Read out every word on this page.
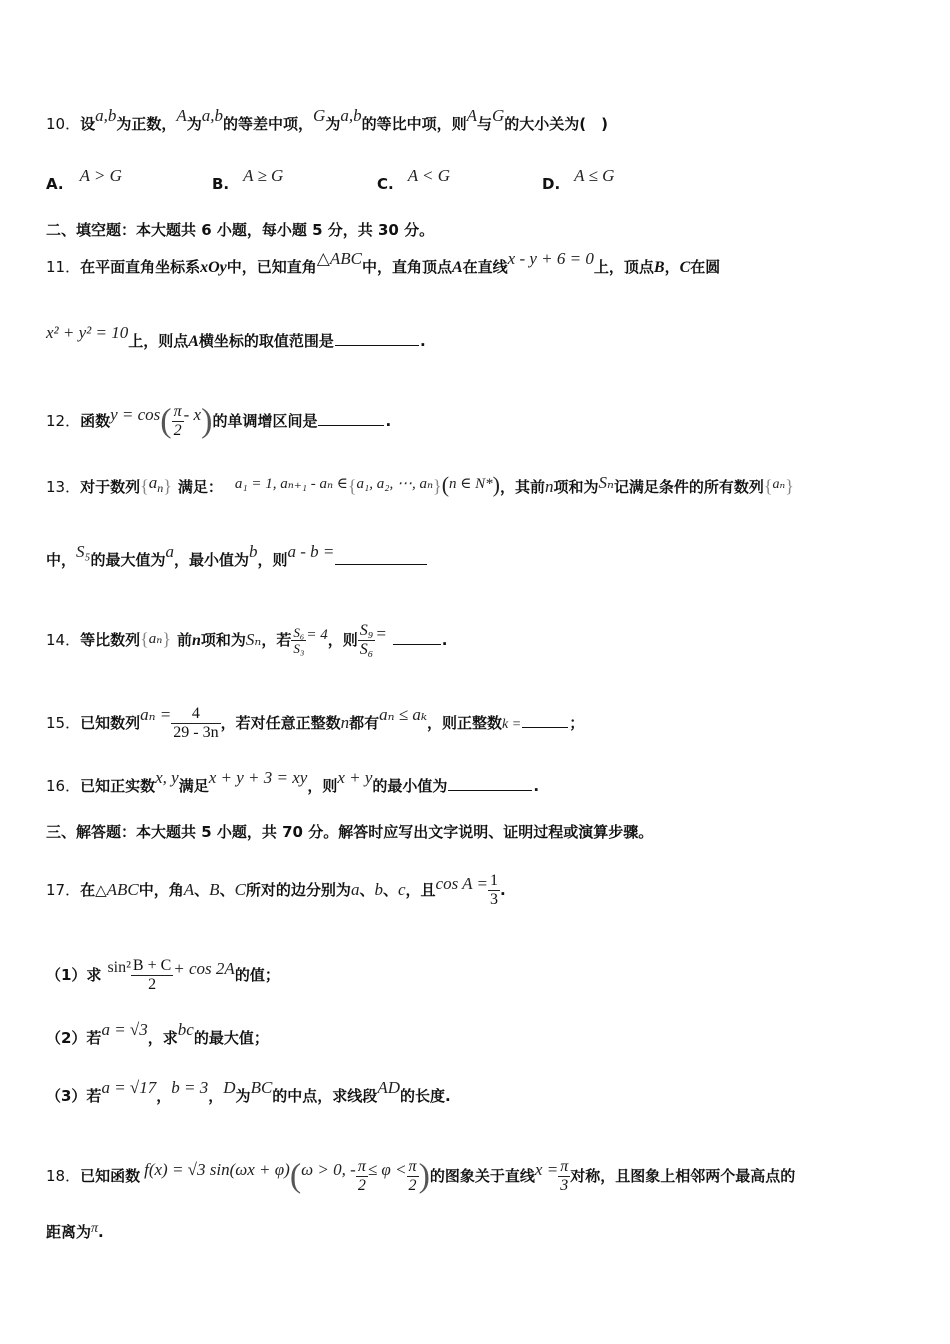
10．设a,b为正数，A为a,b的等差中项，G为a,b的等比中项，则A与G的大小关为(　)
A. A > G	B. A ≥ G	C. A < G	D. A ≤ G
二、填空题：本大题共 6 小题，每小题 5 分，共 30 分。
11．在平面直角坐标系xOy中，已知直角△ABC中，直角顶点A在直线x - y + 6 = 0上，顶点B，C在圆
x² + y² = 10上，则点A横坐标的取值范围是	.
12．函数$y = \cos( \frac{\pi}{2} - x)$的单调增区间是	.
13．对于数列{an} 满足： a₁ = 1, aₙ₊₁ - aₙ ∈{a₁, a₂, ⋯, aₙ}(n ∈ N*)，其前n项和为Sₙ记满足条件的所有数列{aₙ}
中，S₅的最大值为a，最小值为b，则a - b =
14．等比数列{aₙ} 前n项和为Sₙ，若 $\frac{\text{S₆}}{\text{S₃}} = 4$，则 $\frac{\text{S₉}}{\text{S₆}}$ =	.
15．已知数列$a_n = \frac{4}{29 - 3n}$ ，若对任意正整数n都有aₙ ≤ aₖ，则正整数k =	；
16．已知正实数x, y满足x + y + 3 = xy，则x + y的最小值为	.
三、解答题：本大题共 5 小题，共 70 分。解答时应写出文字说明、证明过程或演算步骤。
17．在△ABC中，角A、B、C所对的边分别为a、b、c，且$\cos A = \frac{1}{3}$ .
（1）求 $\sin^2 \frac{B + C}{2} + \cos 2A$的值；
（2）若a = √3，求bc的最大值；
（3）若a = √17，b = 3，D为BC的中点，求线段AD的长度.
18．已知函数 f(x) = √3 sin(ωx + φ)(ω > 0, - $\frac{\pi}{2} \le \varphi < \frac{\pi}{2}$ )的图象关于直线$x = \frac{\pi}{3}$ 对称，且图象上相邻两个最高点的
距离为π.
